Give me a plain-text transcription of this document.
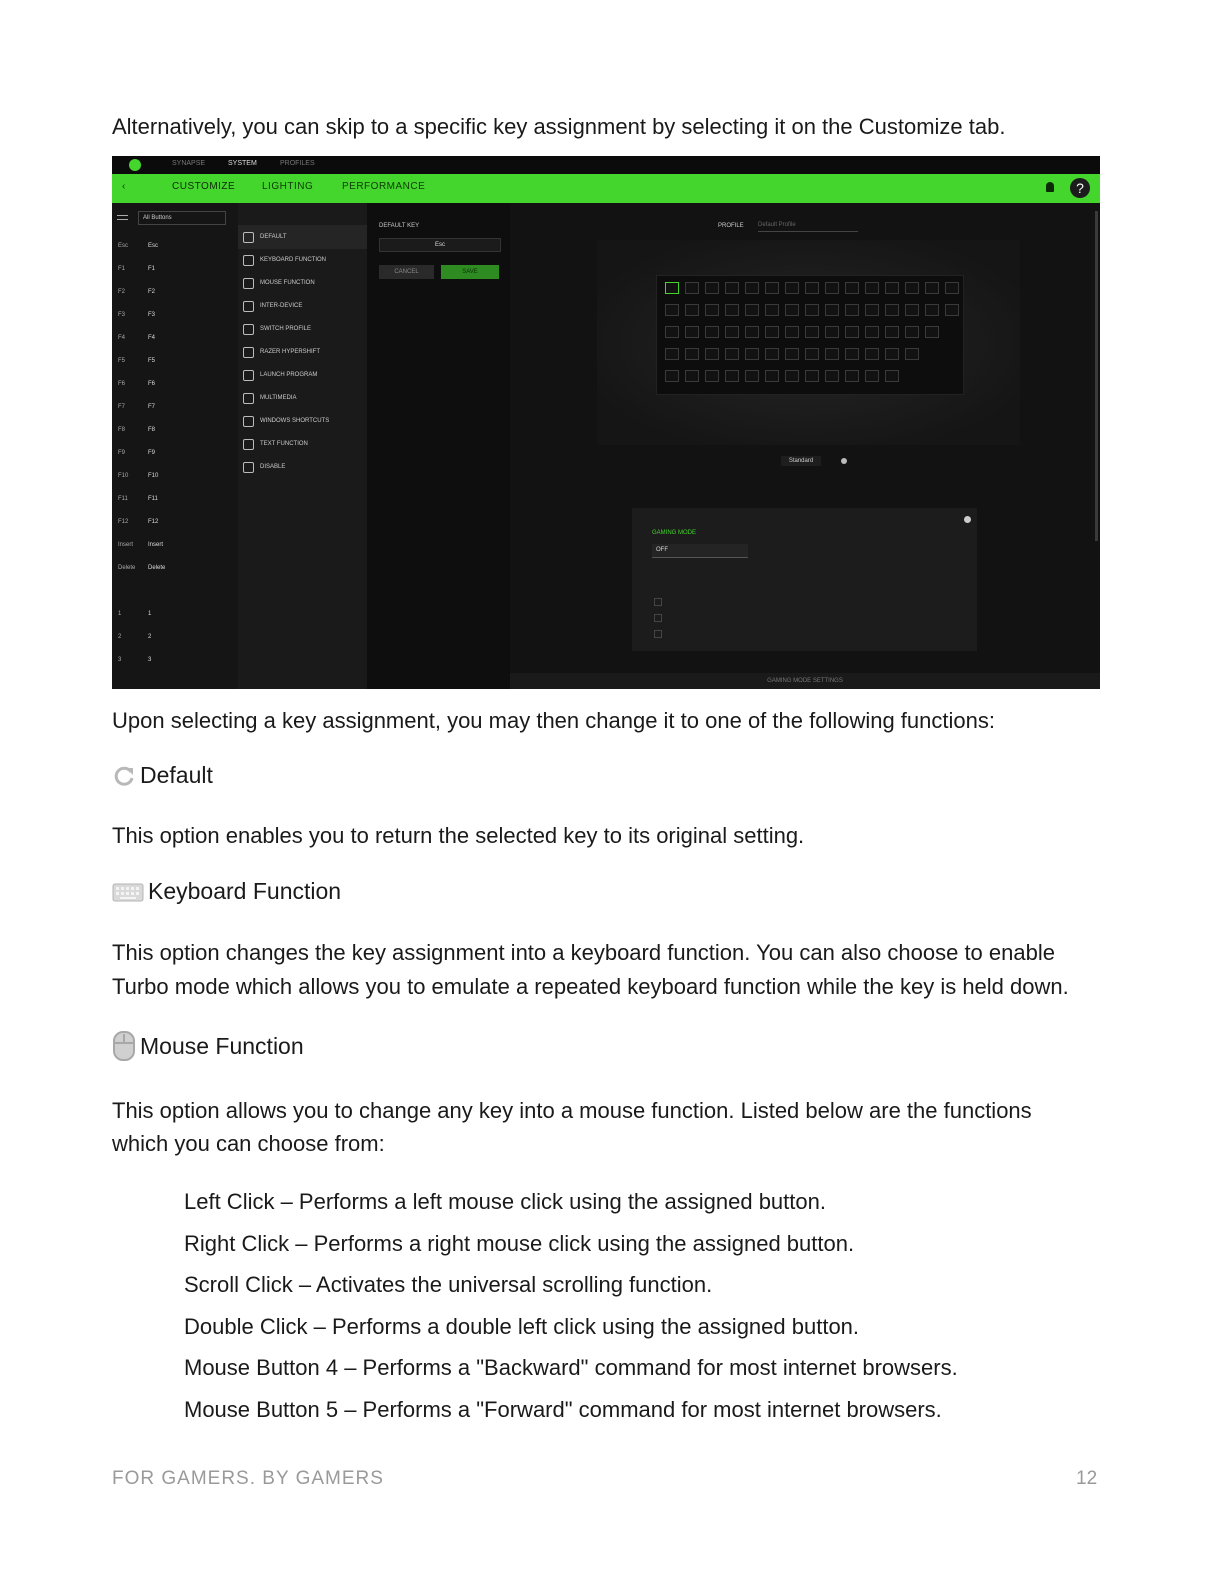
Alternatively, you can skip to a specific key assignment by selecting it on the Customize tab.

SYNAPSE	SYSTEM	PROFILES
‹	CUSTOMIZE	LIGHTING	PERFORMANCE	?
All Buttons
Esc	Esc
F1	F1
F2	F2
F3	F3
F4	F4
F5	F5
F6	F6
F7	F7
F8	F8
F9	F9
F10	F10
F11	F11
F12	F12
Insert Insert
Delete Delete
1	1
2	2
3	3
DEFAULT
KEYBOARD FUNCTION
MOUSE FUNCTION
INTER-DEVICE
SWITCH PROFILE
RAZER HYPERSHIFT
LAUNCH PROGRAM
MULTIMEDIA
WINDOWS SHORTCUTS
TEXT FUNCTION
DISABLE
DEFAULT KEY
Esc
CANCEL	SAVE
PROFILE Default Profile
Standard
GAMING MODE
OFF
GAMING MODE SETTINGS

Upon selecting a key assignment, you may then change it to one of the following functions:

Default

This option enables you to return the selected key to its original setting.

Keyboard Function

This option changes the key assignment into a keyboard function. You can also choose to enable

Turbo mode which allows you to emulate a repeated keyboard function while the key is held down.

Mouse Function

This option allows you to change any key into a mouse function. Listed below are the functions

which you can choose from:

Left Click – Performs a left mouse click using the assigned button.
Right Click – Performs a right mouse click using the assigned button.
Scroll Click – Activates the universal scrolling function.
Double Click – Performs a double left click using the assigned button.
Mouse Button 4 – Performs a "Backward" command for most internet browsers.
Mouse Button 5 – Performs a "Forward" command for most internet browsers.
FOR GAMERS. BY GAMERS	12
